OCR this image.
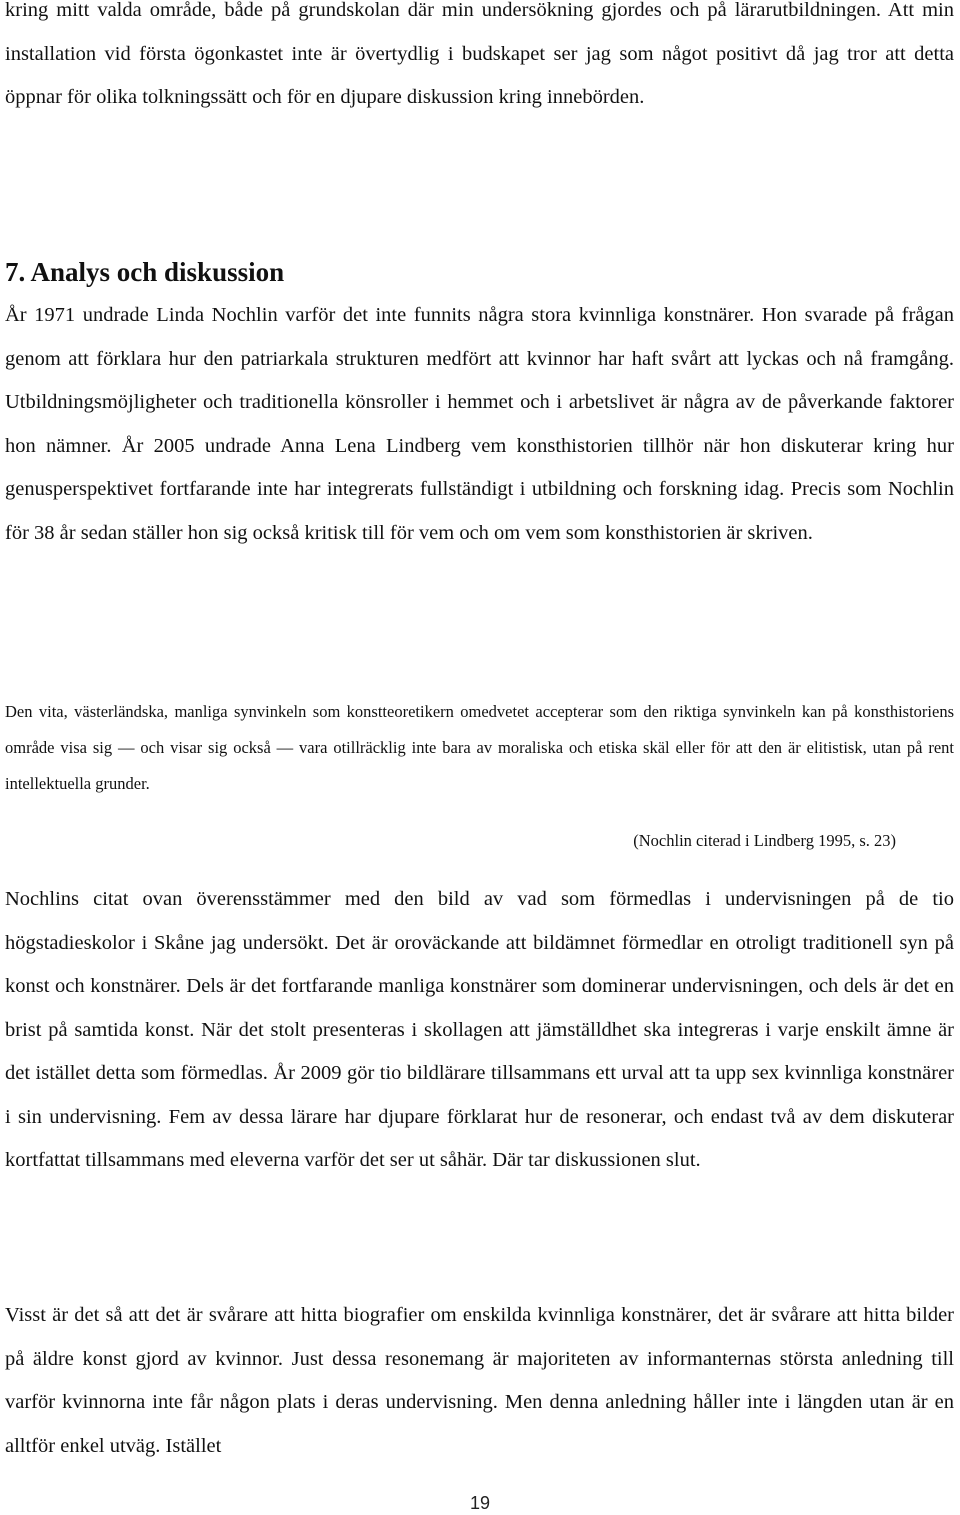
kring mitt valda område, både på grundskolan där min undersökning gjordes och på lärarutbildningen. Att min installation vid första ögonkastet inte är övertydlig i budskapet ser jag som något positivt då jag tror att detta öppnar för olika tolkningssätt och för en djupare diskussion kring innebörden.

7. Analys och diskussion

År 1971 undrade Linda Nochlin varför det inte funnits några stora kvinnliga konstnärer. Hon svarade på frågan genom att förklara hur den patriarkala strukturen medfört att kvinnor har haft svårt att lyckas och nå framgång. Utbildningsmöjligheter och traditionella könsroller i hemmet och i arbetslivet är några av de påverkande faktorer hon nämner. År 2005 undrade Anna Lena Lindberg vem konsthistorien tillhör när hon diskuterar kring hur genusperspektivet fortfarande inte har integrerats fullständigt i utbildning och forskning idag. Precis som Nochlin för 38 år sedan ställer hon sig också kritisk till för vem och om vem som konsthistorien är skriven.

Den vita, västerländska, manliga synvinkeln som konstteoretikern omedvetet accepterar som den riktiga synvinkeln kan på konsthistoriens område visa sig — och visar sig också — vara otillräcklig inte bara av moraliska och etiska skäl eller för att den är elitistisk, utan på rent intellektuella grunder.

(Nochlin citerad i Lindberg 1995, s. 23)

Nochlins citat ovan överensstämmer med den bild av vad som förmedlas i undervisningen på de tio högstadieskolor i Skåne jag undersökt. Det är oroväckande att bildämnet förmedlar en otroligt traditionell syn på konst och konstnärer. Dels är det fortfarande manliga konstnärer som dominerar undervisningen, och dels är det en brist på samtida konst. När det stolt presenteras i skollagen att jämställdhet ska integreras i varje enskilt ämne är det istället detta som förmedlas. År 2009 gör tio bildlärare tillsammans ett urval att ta upp sex kvinnliga konstnärer i sin undervisning. Fem av dessa lärare har djupare förklarat hur de resonerar, och endast två av dem diskuterar kortfattat tillsammans med eleverna varför det ser ut såhär. Där tar diskussionen slut.

Visst är det så att det är svårare att hitta biografier om enskilda kvinnliga konstnärer, det är svårare att hitta bilder på äldre konst gjord av kvinnor. Just dessa resonemang är majoriteten av informanternas största anledning till varför kvinnorna inte får någon plats i deras undervisning. Men denna anledning håller inte i längden utan är en alltför enkel utväg. Istället

19
